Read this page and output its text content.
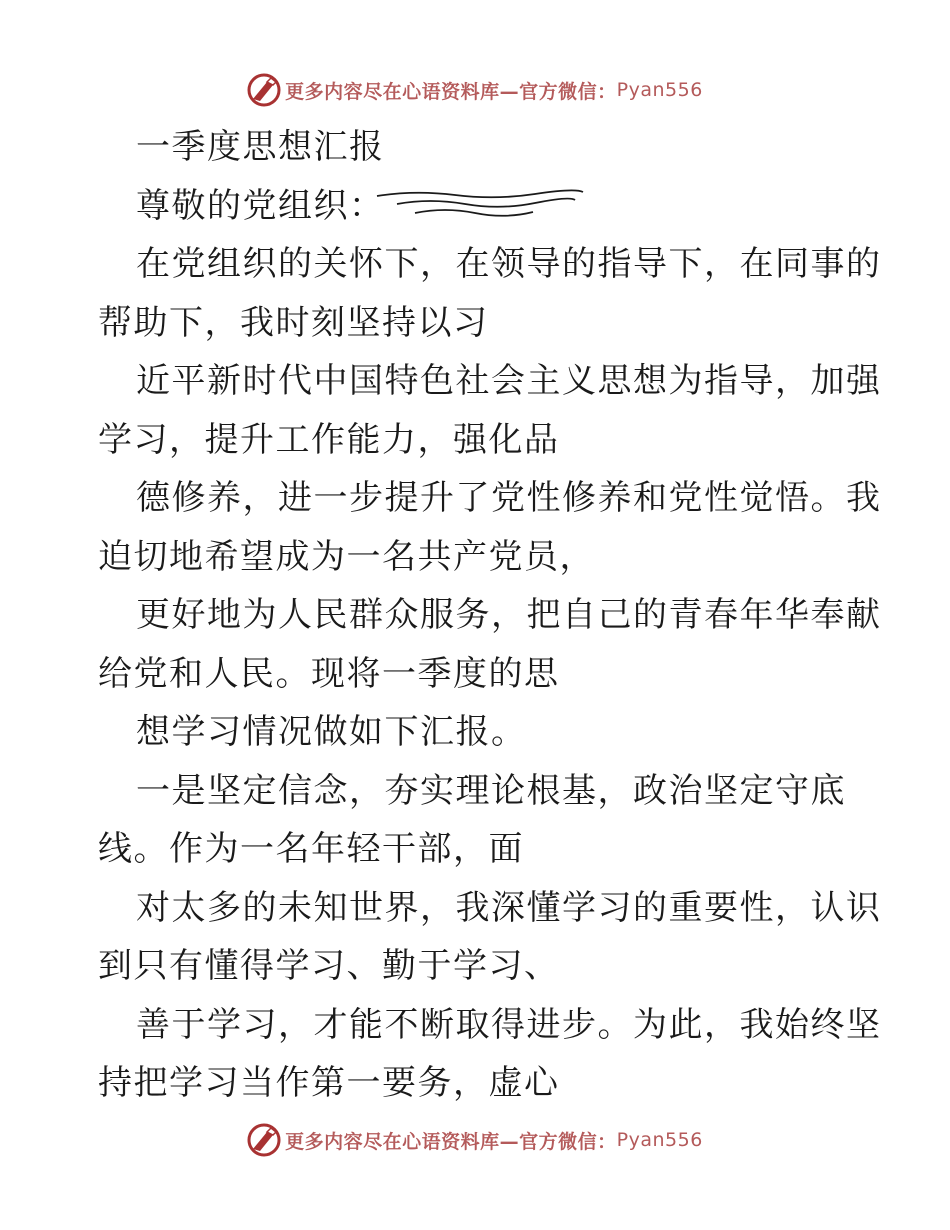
更多内容尽在心语资料库—官方微信： Pyan556
一季度思想汇报
尊敬的党组织：
在党组织的关怀下，在领导的指导下，在同事的
帮助下，我时刻坚持以习
近平新时代中国特色社会主义思想为指导，加强
学习，提升工作能力，强化品
德修养，进一步提升了党性修养和党性觉悟。我
迫切地希望成为一名共产党员，
更好地为人民群众服务，把自己的青春年华奉献
给党和人民。现将一季度的思
想学习情况做如下汇报。
一是坚定信念，夯实理论根基，政治坚定守底
线。作为一名年轻干部，面
对太多的未知世界，我深懂学习的重要性，认识
到只有懂得学习、勤于学习、
善于学习，才能不断取得进步。为此，我始终坚
持把学习当作第一要务，虚心
更多内容尽在心语资料库—官方微信： Pyan556
